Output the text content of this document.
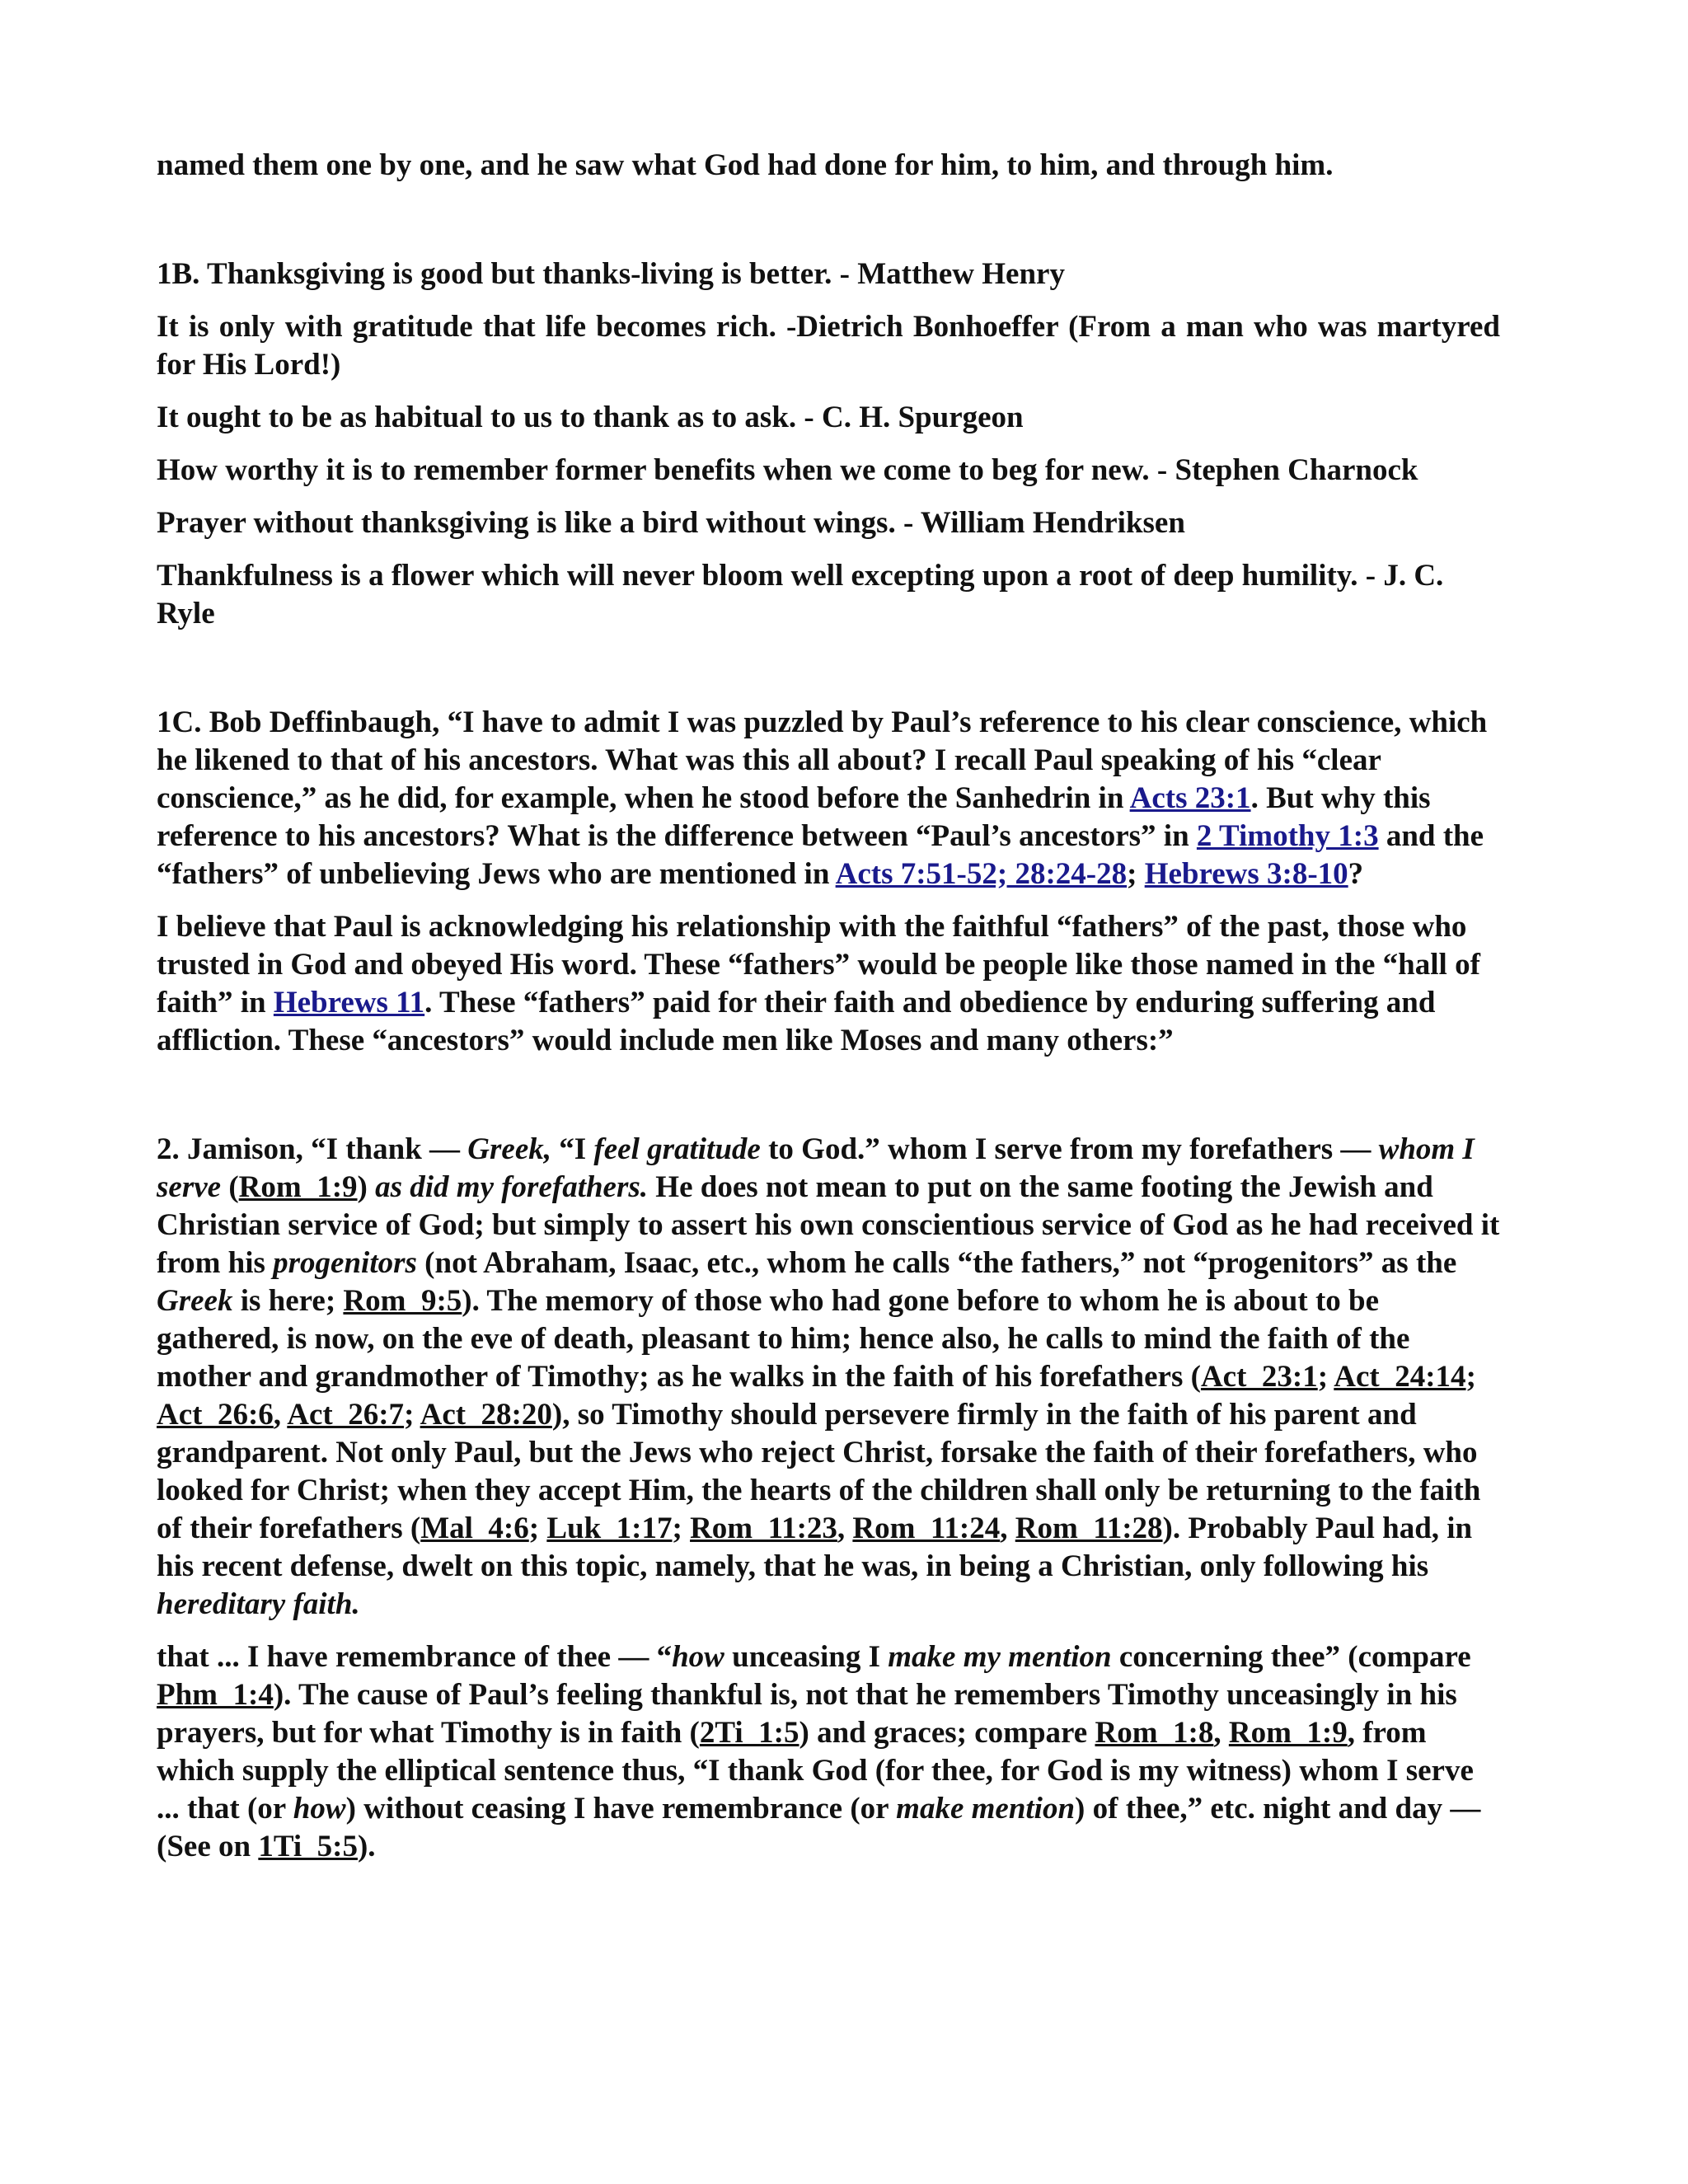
named them one by one, and he saw what God had done for him, to him, and through him.

1B. Thanksgiving is good but thanks-living is better. - Matthew Henry

It is only with gratitude that life becomes rich. -Dietrich Bonhoeffer (From a man who was martyred for His Lord!)

It ought to be as habitual to us to thank as to ask. - C. H. Spurgeon

How worthy it is to remember former benefits when we come to beg for new. - Stephen Charnock

Prayer without thanksgiving is like a bird without wings. - William Hendriksen

Thankfulness is a flower which will never bloom well excepting upon a root of deep humility. - J. C. Ryle

1C. Bob Deffinbaugh, “I have to admit I was puzzled by Paul’s reference to his clear conscience, which he likened to that of his ancestors. What was this all about? I recall Paul speaking of his “clear conscience,” as he did, for example, when he stood before the Sanhedrin in Acts 23:1. But why this reference to his ancestors? What is the difference between “Paul’s ancestors” in 2 Timothy 1:3 and the “fathers” of unbelieving Jews who are mentioned in Acts 7:51-52; 28:24-28; Hebrews 3:8-10?

I believe that Paul is acknowledging his relationship with the faithful “fathers” of the past, those who trusted in God and obeyed His word. These “fathers” would be people like those named in the “hall of faith” in Hebrews 11. These “fathers” paid for their faith and obedience by enduring suffering and affliction. These “ancestors” would include men like Moses and many others:”

2. Jamison, “I thank — Greek, “I feel gratitude to God.” whom I serve from my forefathers — whom I serve (Rom_1:9) as did my forefathers. He does not mean to put on the same footing the Jewish and Christian service of God; but simply to assert his own conscientious service of God as he had received it from his progenitors (not Abraham, Isaac, etc., whom he calls “the fathers,” not “progenitors” as the Greek is here; Rom_9:5). The memory of those who had gone before to whom he is about to be gathered, is now, on the eve of death, pleasant to him; hence also, he calls to mind the faith of the mother and grandmother of Timothy; as he walks in the faith of his forefathers (Act_23:1; Act_24:14; Act_26:6, Act_26:7; Act_28:20), so Timothy should persevere firmly in the faith of his parent and grandparent. Not only Paul, but the Jews who reject Christ, forsake the faith of their forefathers, who looked for Christ; when they accept Him, the hearts of the children shall only be returning to the faith of their forefathers (Mal_4:6; Luk_1:17; Rom_11:23, Rom_11:24, Rom_11:28). Probably Paul had, in his recent defense, dwelt on this topic, namely, that he was, in being a Christian, only following his hereditary faith.

that ... I have remembrance of thee — “how unceasing I make my mention concerning thee” (compare Phm_1:4). The cause of Paul’s feeling thankful is, not that he remembers Timothy unceasingly in his prayers, but for what Timothy is in faith (2Ti_1:5) and graces; compare Rom_1:8, Rom_1:9, from which supply the elliptical sentence thus, “I thank God (for thee, for God is my witness) whom I serve ... that (or how) without ceasing I have remembrance (or make mention) of thee,” etc. night and day — (See on 1Ti_5:5).
